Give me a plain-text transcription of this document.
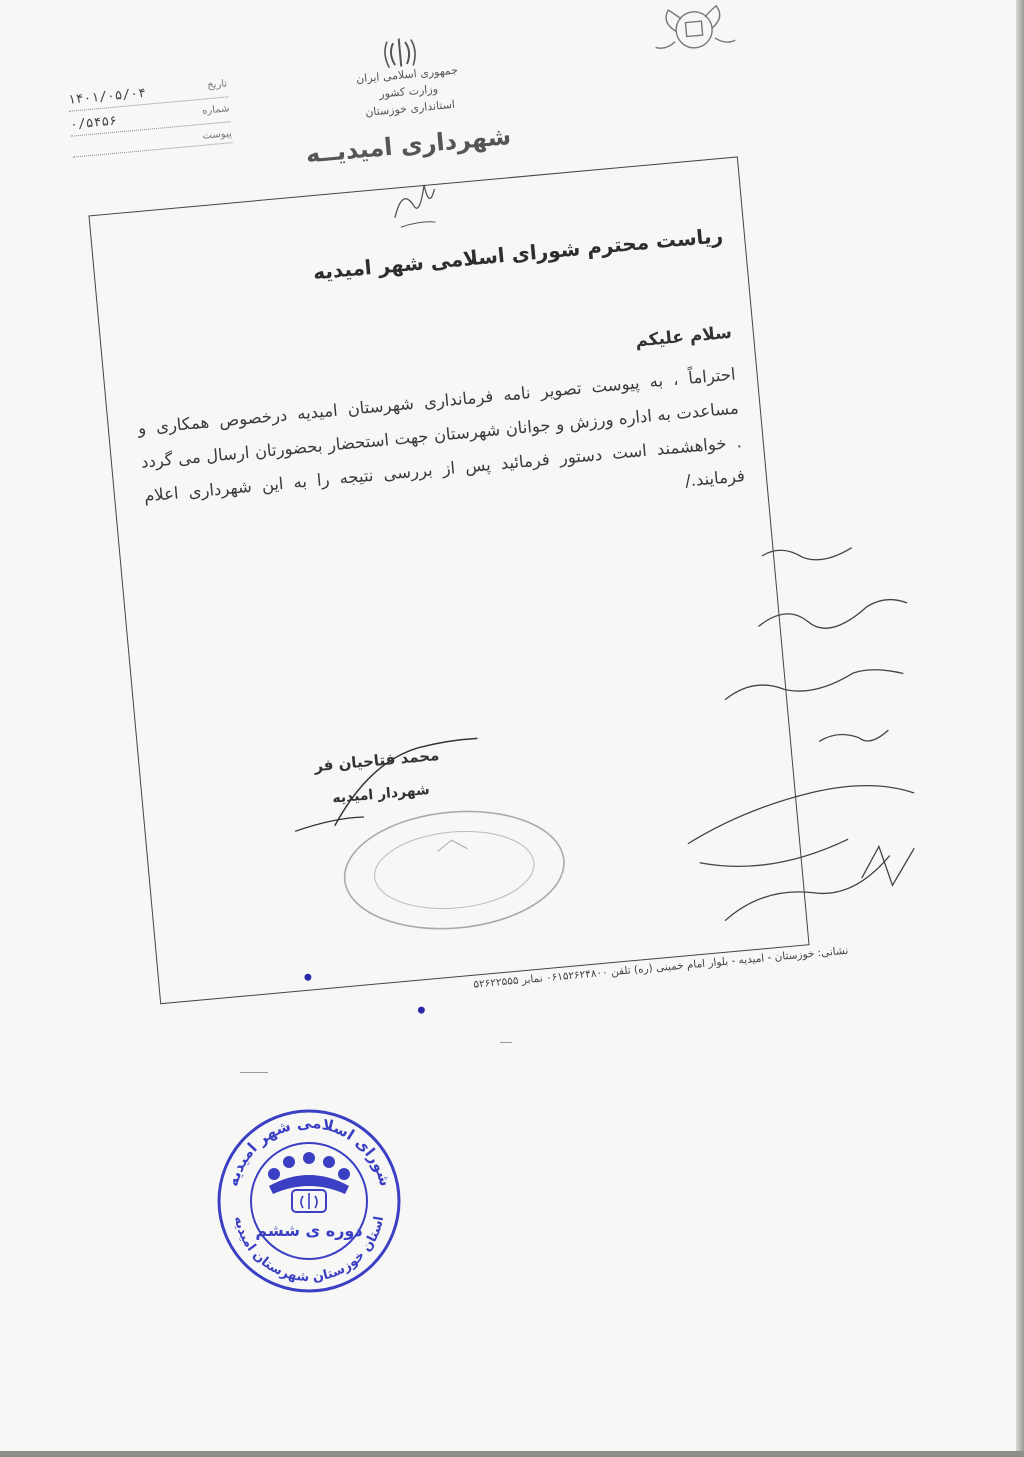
تاریخ
۱۴۰۱/۰۵/۰۴
شماره
۰/۵۴۵۶
پیوست
جمهوری اسلامی ایران
وزارت کشور
استانداری خوزستان
شهرداری امیدیــه
ریاست محترم شورای اسلامی شهر امیدیه
سلام علیکم
احتراماً ، به پیوست تصویر نامه فرمانداری شهرستان امیدیه درخصوص همکاری و مساعدت به اداره ورزش و جوانان شهرستان جهت استحضار بحضورتان ارسال می گردد . خواهشمند است دستور فرمائید پس از بررسی نتیجه را به این شهرداری اعلام فرمایند./
محمد فتاحیان فر
شهردار امیدیه
نشانی: خوزستان - امیدیه - بلوار امام خمینی (ره) تلفن ۰۶۱۵۲۶۲۴۸۰۰ نمابر ۵۲۶۲۲۵۵۵
شورای اسلامی شهر امیدیه
استان خوزستان شهرستان امیدیه
دوره ی ششم
